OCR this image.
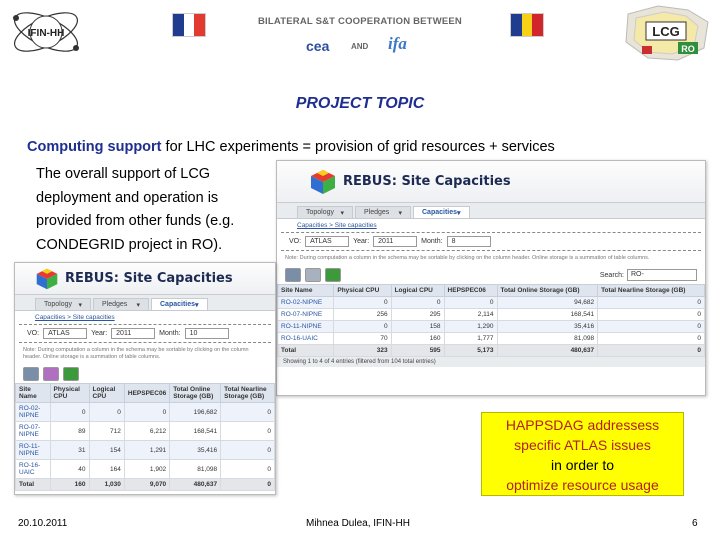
IFIN-HH
BILATERAL S&T COOPERATION BETWEEN
cea	AND ifa
LCG
RO
PROJECT TOPIC
Computing support for LHC experiments = provision of grid resources + services
The overall support of LCG deployment and operation is provided from other funds (e.g. CONDEGRID project in RO).
REBUS: Site Capacities
Topology ▾	Pledges ▾	Capacities ▾
Capacities > Site capacities
VO:	ATLAS	Year:	2011	Month:	8
Note: During computation a column in the schema may be sortable by clicking on the column header. Online storage is a summation of table columns.
Search:	RO-
Site Name	Physical CPU	Logical CPU	HEPSPEC06	Total Online Storage (GB)	Total Nearline Storage (GB)
RO-02-NIPNE	0	0	0	94,682	0
RO-07-NIPNE	256	295	2,114	168,541	0
RO-11-NIPNE	0	158	1,290	35,416	0
RO-16-UAIC	70	160	1,777	81,098	0
Total	323	595	5,173	480,637	0
Showing 1 to 4 of 4 entries (filtered from 104 total entries)
REBUS: Site Capacities
Topology ▾	Pledges ▾	Capacities ▾
Capacities > Site capacities
VO:	ATLAS	Year:	2011	Month:	10
Note: During computation a column in the schema may be sortable by clicking on the column header. Online storage is a summation of table columns.
Site Name	Physical CPU	Logical CPU	HEPSPEC06	Total Online Storage (GB)	Total Nearline Storage (GB)
RO-02-NIPNE	0	0	0	196,682	0
RO-07-NIPNE	89	712	6,212	168,541	0
RO-11-NIPNE	31	154	1,291	35,416	0
RO-16-UAIC	40	164	1,902	81,098	0
Total	160	1,030	9,070	480,637	0
HAPPSDAG addressess
specific ATLAS issues
in order to
optimize resource usage
20.10.2011	Mihnea Dulea, IFIN-HH	6
